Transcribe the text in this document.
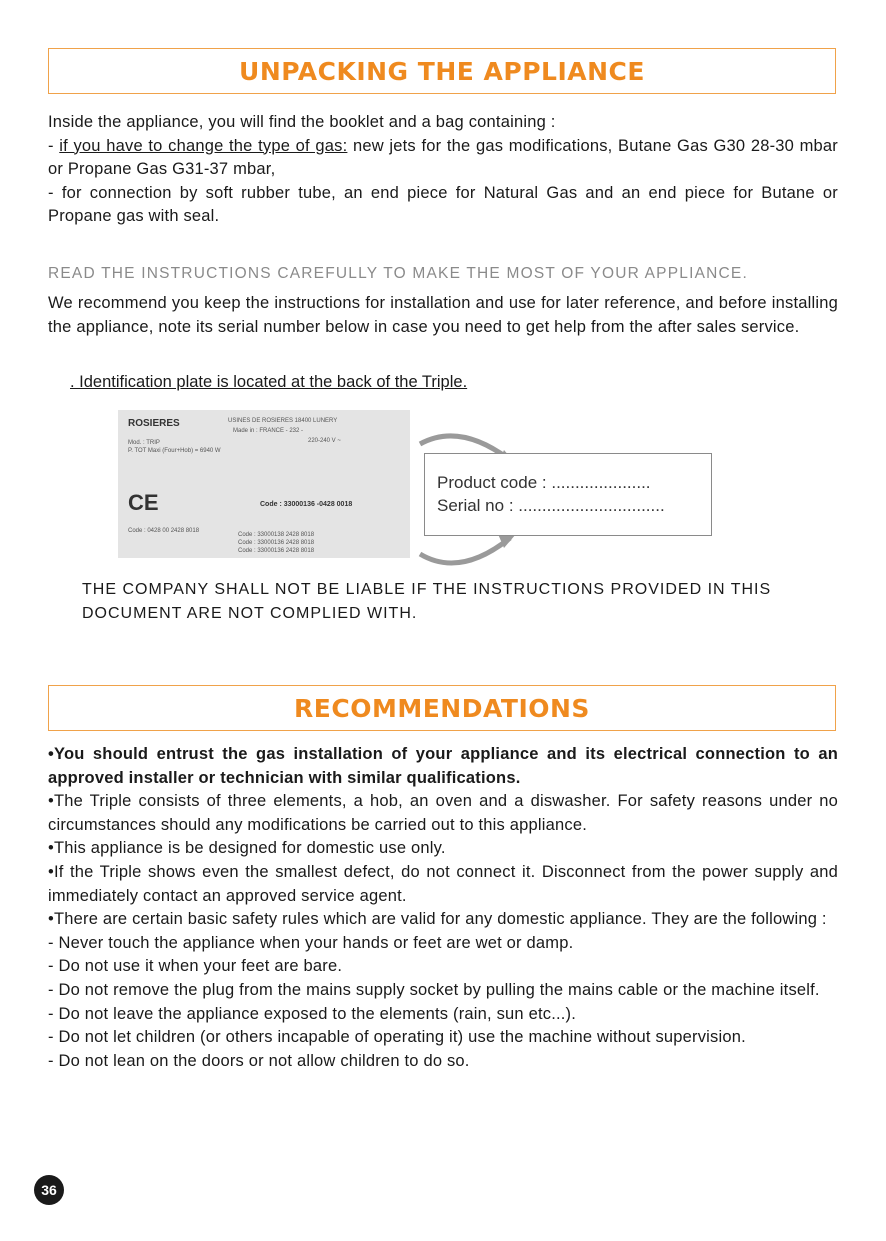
UNPACKING THE APPLIANCE

Inside the appliance, you will find the booklet and a bag containing :

- if you have to change the type of gas: new jets for the gas modifications, Butane Gas G30 28-30 mbar or Propane Gas G31-37 mbar,

- for connection by soft rubber tube, an end piece for Natural Gas and an end piece for Butane or Propane gas with seal.

READ THE INSTRUCTIONS CAREFULLY TO MAKE THE MOST OF YOUR APPLIANCE.

We recommend you keep the instructions for installation and use for later reference, and before installing the appliance, note its serial number below in case you need to get help from the after sales service.

. Identification plate is located at the back of the Triple.
ROSIERES	USINES DE ROSIERES 18400 LUNERY
Made in : FRANCE - 232 -
220-240 V ~
Mod. : TRIP
P. TOT Maxi (Four+Hob) = 6940 W
CE	Code : 33000136 -0428 0018
Code : 0428 00 2428 8018
Code : 33000138 2428 8018
Code : 33000136 2428 8018
Code : 33000136 2428 8018
Product code : .....................
Serial no : ...............................
THE COMPANY SHALL NOT BE LIABLE IF THE INSTRUCTIONS PROVIDED IN THIS DOCUMENT ARE NOT COMPLIED WITH.
RECOMMENDATIONS

•You should entrust the gas installation of your appliance and its electrical connection to an approved installer or technician with similar qualifications.

•The Triple consists of three elements, a hob, an oven and a diswasher. For safety reasons under no circumstances should any modifications be carried out to this appliance.

•This appliance is be designed for domestic use only.

•If the Triple shows even the smallest defect, do not connect it. Disconnect from the power supply and immediately contact an approved service agent.

•There are certain basic safety rules which are valid for any domestic appliance. They are the following :

- Never touch the appliance when your hands or feet are wet or damp.

- Do not use it when your feet are bare.

- Do not remove the plug from the mains supply socket by pulling the mains cable or the machine itself.

- Do not leave the appliance exposed to the elements (rain, sun etc...).

- Do not let children (or others incapable of operating it) use the machine without supervision.

- Do not lean on the doors or not allow children to do so.

36
